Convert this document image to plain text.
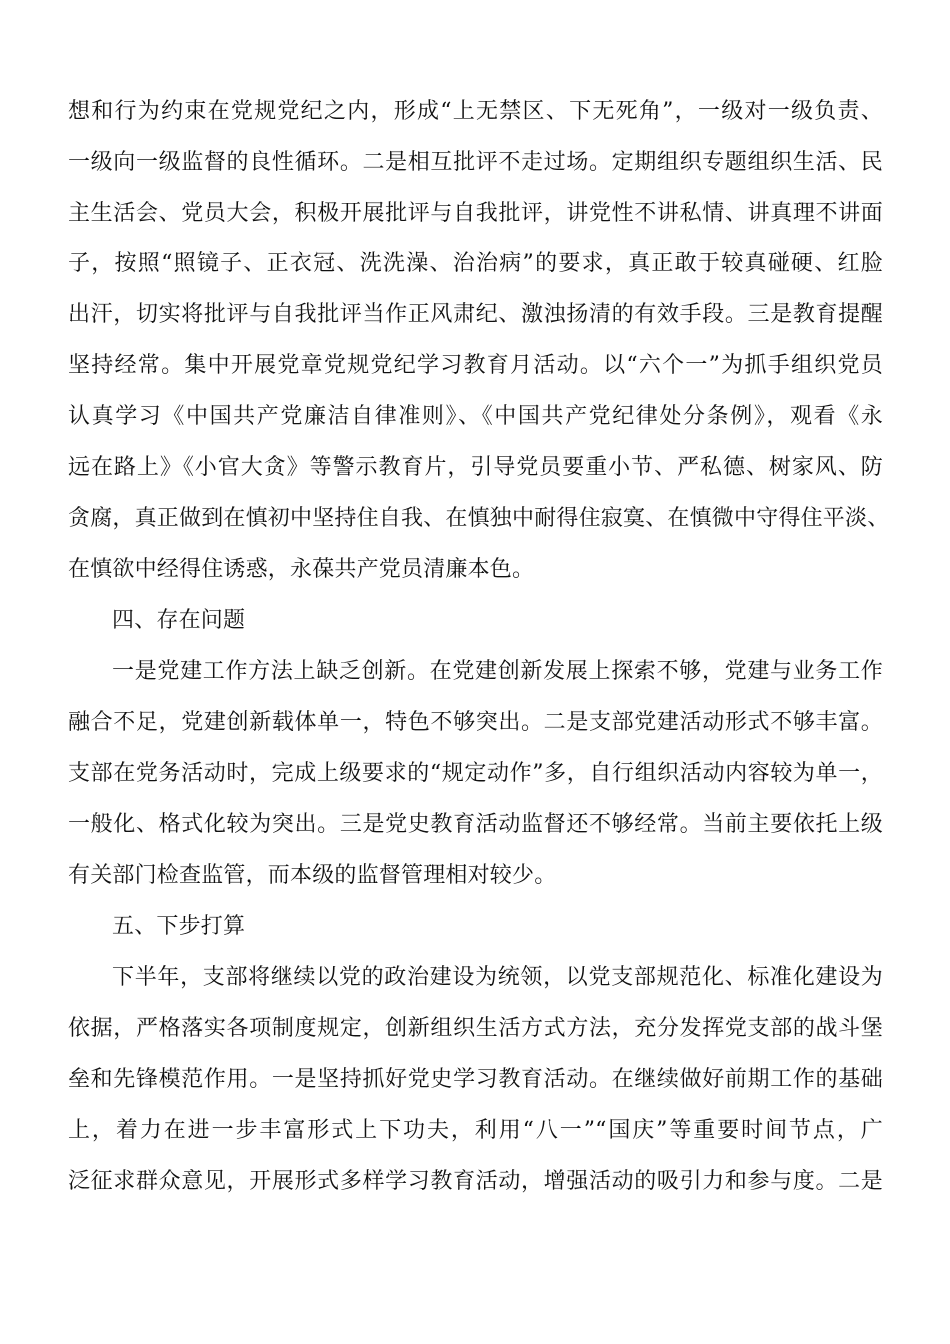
想和行为约束在党规党纪之内，形成“上无禁区、下无死角”，一级对一级负责、
一级向一级监督的良性循环。二是相互批评不走过场。定期组织专题组织生活、民
主生活会、党员大会，积极开展批评与自我批评，讲党性不讲私情、讲真理不讲面
子，按照“照镜子、正衣冠、洗洗澡、治治病”的要求，真正敢于较真碰硬、红脸
出汗，切实将批评与自我批评当作正风肃纪、激浊扬清的有效手段。三是教育提醒
坚持经常。集中开展党章党规党纪学习教育月活动。以“六个一”为抓手组织党员
认真学习《中国共产党廉洁自律准则》、《中国共产党纪律处分条例》，观看《永
远在路上》《小官大贪》等警示教育片，引导党员要重小节、严私德、树家风、防
贪腐，真正做到在慎初中坚持住自我、在慎独中耐得住寂寞、在慎微中守得住平淡、
在慎欲中经得住诱惑，永葆共产党员清廉本色。
四、存在问题
一是党建工作方法上缺乏创新。在党建创新发展上探索不够，党建与业务工作
融合不足，党建创新载体单一，特色不够突出。二是支部党建活动形式不够丰富。
支部在党务活动时，完成上级要求的“规定动作”多，自行组织活动内容较为单一，
一般化、格式化较为突出。三是党史教育活动监督还不够经常。当前主要依托上级
有关部门检查监管，而本级的监督管理相对较少。
五、下步打算
下半年，支部将继续以党的政治建设为统领，以党支部规范化、标准化建设为
依据，严格落实各项制度规定，创新组织生活方式方法，充分发挥党支部的战斗堡
垒和先锋模范作用。一是坚持抓好党史学习教育活动。在继续做好前期工作的基础
上，着力在进一步丰富形式上下功夫，利用“八一”“国庆”等重要时间节点，广
泛征求群众意见，开展形式多样学习教育活动，增强活动的吸引力和参与度。二是
